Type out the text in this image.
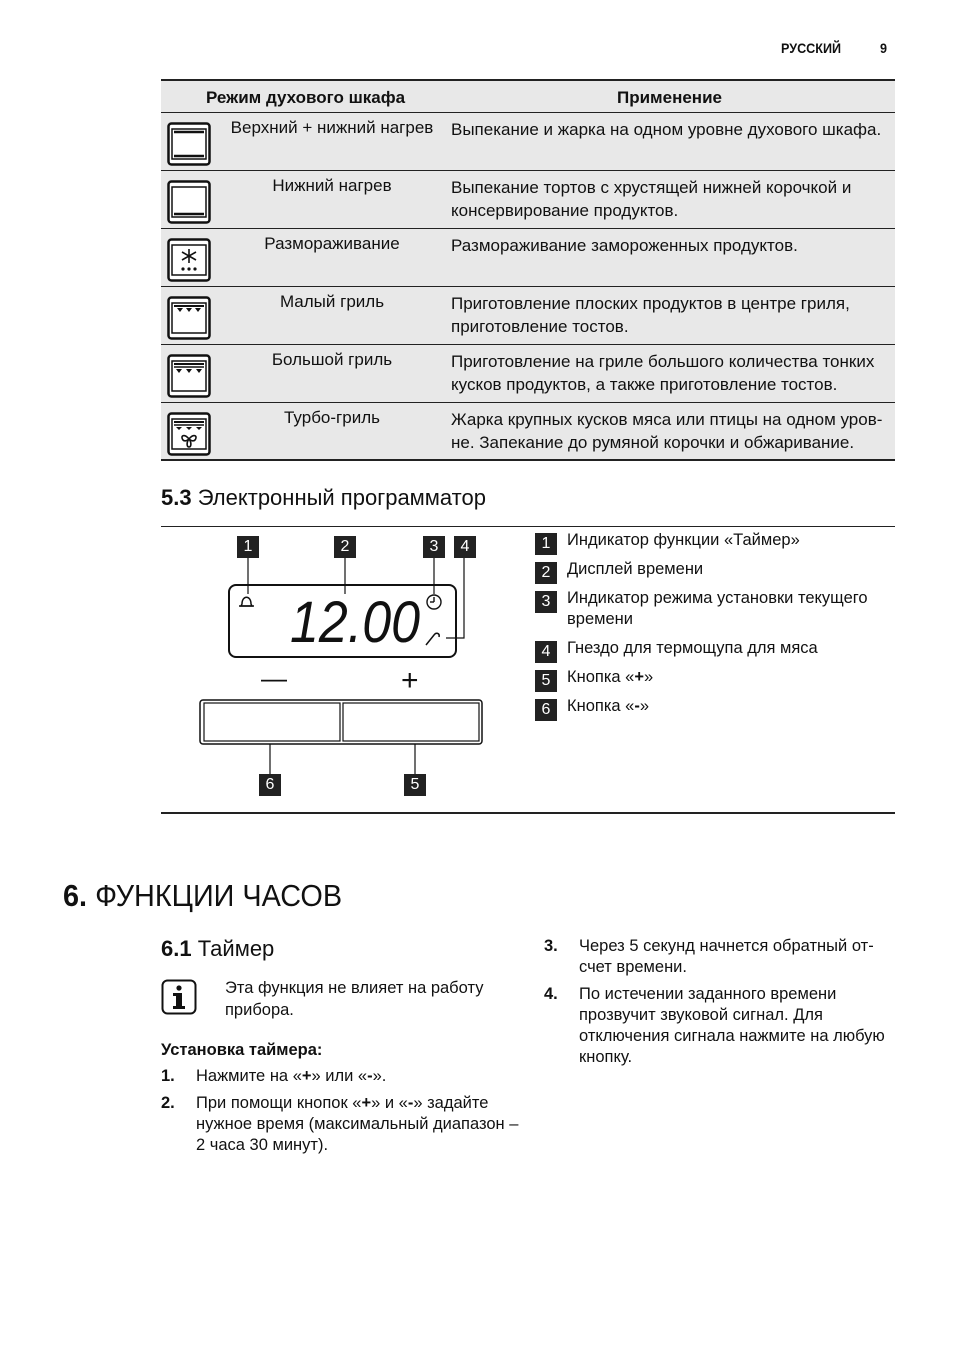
РУССКИЙ	9
Режим духового шкафа	Применение
Верхний + нижний нагрев	Выпекание и жарка на одном уровне духового шкафа.
Нижний нагрев	Выпекание тортов с хрустящей нижней корочкой и консервирование продуктов.
Размораживание	Размораживание замороженных продуктов.
Малый гриль	Приготовление плоских продуктов в центре гриля, приготовление тостов.
Большой гриль	Приготовление на гриле большого количества тонких кусков продуктов, а также приготовление тостов.
Турбо-гриль	Жарка крупных кусков мяса или птицы на одном уровне. Запекание до румяной корочки и обжаривание.
5.3 Электронный программатор
12.00
—	+
1	2	3	4
5
6
1	Индикатор функции «Таймер»
2	Дисплей времени
3	Индикатор режима установки текущего времени
4	Гнездо для термощупа для мяса
5	Кнопка «+»
6	Кнопка «-»
6. ФУНКЦИИ ЧАСОВ
6.1 Таймер
Эта функция не влияет на работу прибора.
Установка таймера:
1. Нажмите на «+» или «-».
2. При помощи кнопок «+» и «-» задайте нужное время (максимальный диапазон – 2 часа 30 минут).
3. Через 5 секунд начнется обратный отсчет времени.
4. По истечении заданного времени прозвучит звуковой сигнал. Для отключения сигнала нажмите на любую кнопку.
